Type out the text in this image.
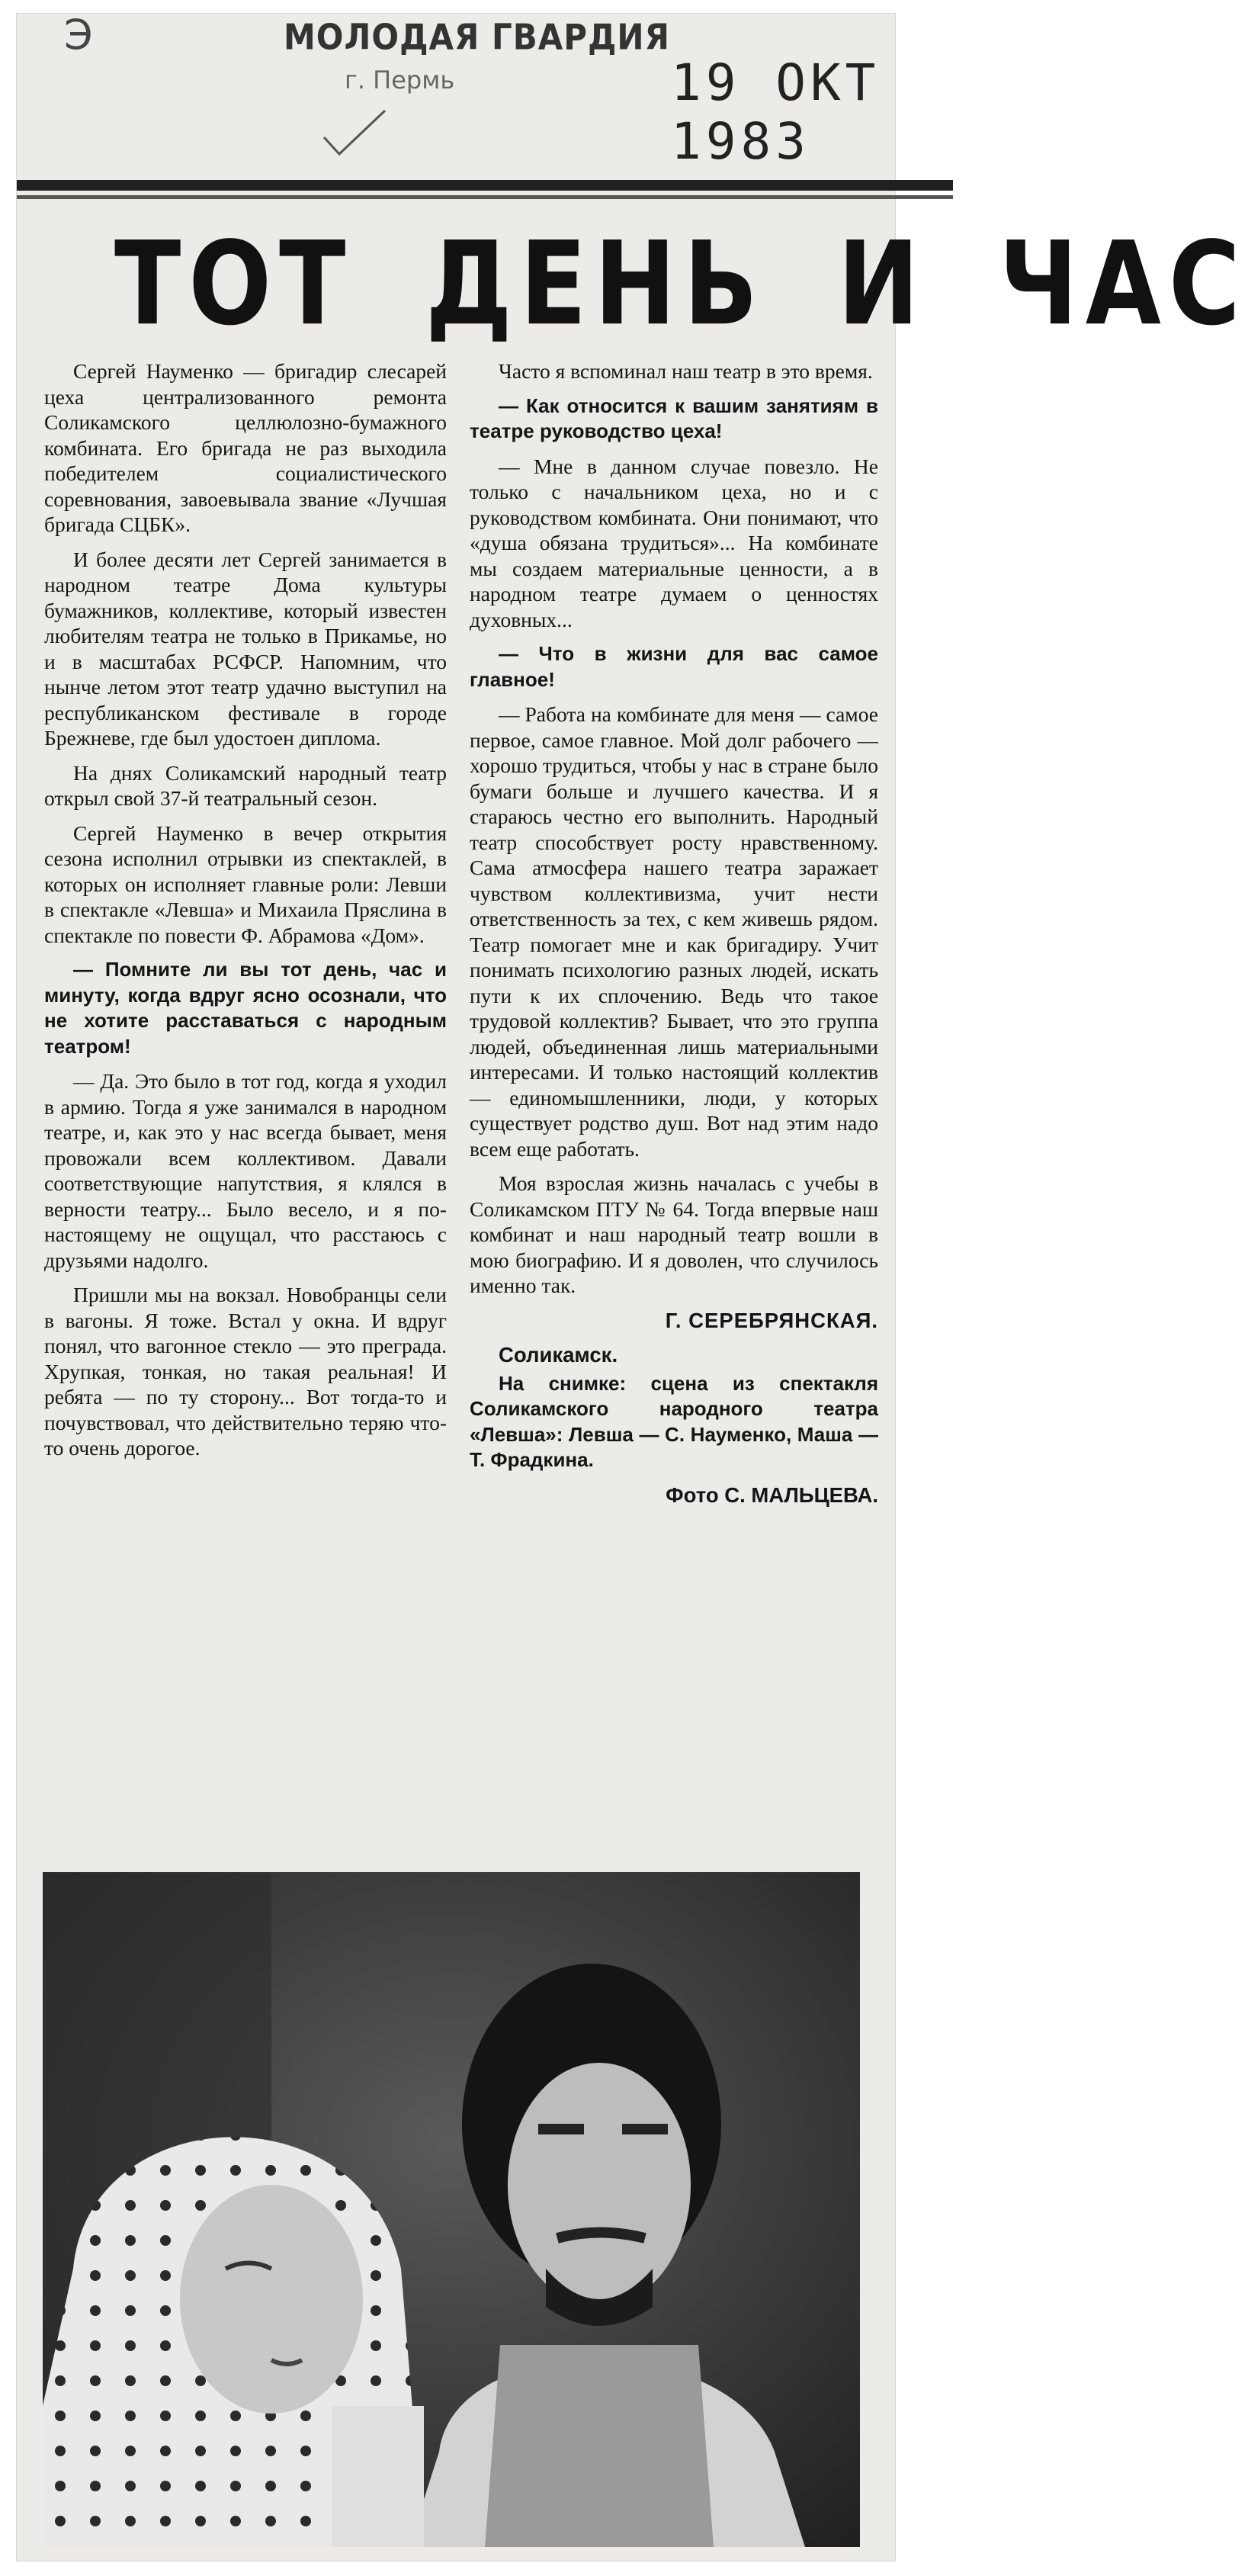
Э	МОЛОДАЯ ГВАРДИЯ
г. Пермь	19 ОКТ 1983
ТОТ ДЕНЬ И ЧАС

Сергей Науменко — бригадир слесарей цеха централизованного ремонта Соликамского целлюлозно-бумажного комбината. Его бригада не раз выходила победителем социалистического соревнования, завоевывала звание «Лучшая бригада СЦБК».

И более десяти лет Сергей занимается в народном театре Дома культуры бумажников, коллективе, который известен любителям театра не только в Прикамье, но и в масштабах РСФСР. Напомним, что нынче летом этот театр удачно выступил на республиканском фестивале в городе Брежневе, где был удостоен диплома.

На днях Соликамский народный театр открыл свой 37-й театральный сезон.

Сергей Науменко в вечер открытия сезона исполнил отрывки из спектаклей, в которых он исполняет главные роли: Левши в спектакле «Левша» и Михаила Пряслина в спектакле по повести Ф. Абрамова «Дом».

— Помните ли вы тот день, час и минуту, когда вдруг ясно осознали, что не хотите расставаться с народным театром!

— Да. Это было в тот год, когда я уходил в армию. Тогда я уже занимался в народном театре, и, как это у нас всегда бывает, меня провожали всем коллективом. Давали соответствующие напутствия, я клялся в верности театру... Было весело, и я по-настоящему не ощущал, что расстаюсь с друзьями надолго.

Пришли мы на вокзал. Новобранцы сели в вагоны. Я тоже. Встал у окна. И вдруг понял, что вагонное стекло — это преграда. Хрупкая, тонкая, но такая реальная! И ребята — по ту сторону... Вот тогда-то и почувствовал, что действительно теряю что-то очень дорогое.

Часто я вспоминал наш театр в это время.

— Как относится к вашим занятиям в театре руководство цеха!

— Мне в данном случае повезло. Не только с начальником цеха, но и с руководством комбината. Они понимают, что «душа обязана трудиться»... На комбинате мы создаем материальные ценности, а в народном театре думаем о ценностях духовных...

— Что в жизни для вас самое главное!

— Работа на комбинате для меня — самое первое, самое главное. Мой долг рабочего — хорошо трудиться, чтобы у нас в стране было бумаги больше и лучшего качества. И я стараюсь честно его выполнить. Народный театр способствует росту нравственному. Сама атмосфера нашего театра заражает чувством коллективизма, учит нести ответственность за тех, с кем живешь рядом. Театр помогает мне и как бригадиру. Учит понимать психологию разных людей, искать пути к их сплочению. Ведь что такое трудовой коллектив? Бывает, что это группа людей, объединенная лишь материальными интересами. И только настоящий коллектив — единомышленники, люди, у которых существует родство душ. Вот над этим надо всем еще работать.

Моя взрослая жизнь началась с учебы в Соликамском ПТУ № 64. Тогда впервые наш комбинат и наш народный театр вошли в мою биографию. И я доволен, что случилось именно так.

Г. СЕРЕБРЯНСКАЯ.

Соликамск.

На снимке: сцена из спектакля Соликамского народного театра «Левша»: Левша — С. Науменко, Маша — Т. Фрадкина.

Фото С. МАЛЬЦЕВА.
